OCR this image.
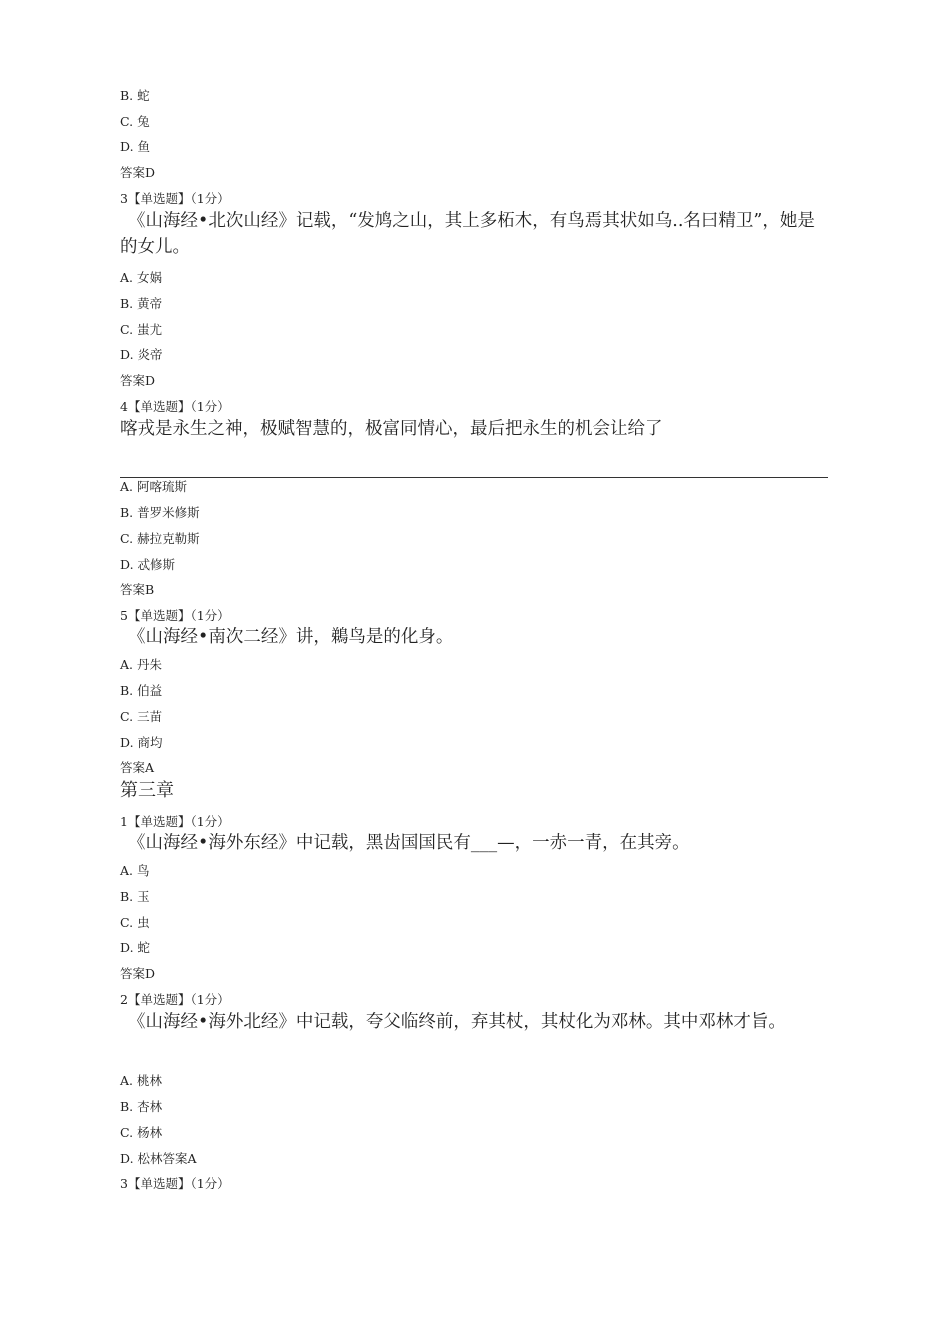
B. 蛇
C. 兔
D. 鱼
答案D
3【单选题】（1分）
《山海经•北次山经》记载，“发鸠之山，其上多柘木，有鸟焉其状如乌..名曰精卫”，她是的女儿。
A. 女娲
B. 黄帝
C. 蚩尤
D. 炎帝
答案D
4【单选题】（1分）
喀戎是永生之神，极赋智慧的，极富同情心，最后把永生的机会让给了
A. 阿喀琉斯
B. 普罗米修斯
C. 赫拉克勒斯
D. 忒修斯
答案B
5【单选题】（1分）
《山海经•南次二经》讲，鵜鸟是的化身。
A. 丹朱
B. 伯益
C. 三苗
D. 商均
答案A
第三章
1【单选题】（1分）
《山海经•海外东经》中记载，黑齿国国民有___—，一赤一青，在其旁。
A. 鸟
B. 玉
C. 虫
D. 蛇
答案D
2【单选题】（1分）
《山海经•海外北经》中记载，夸父临终前，弃其杖，其杖化为邓林。其中邓林才旨。
A. 桃林
B. 杏林
C. 杨林
D. 松林答案A
3【单选题】（1分）
